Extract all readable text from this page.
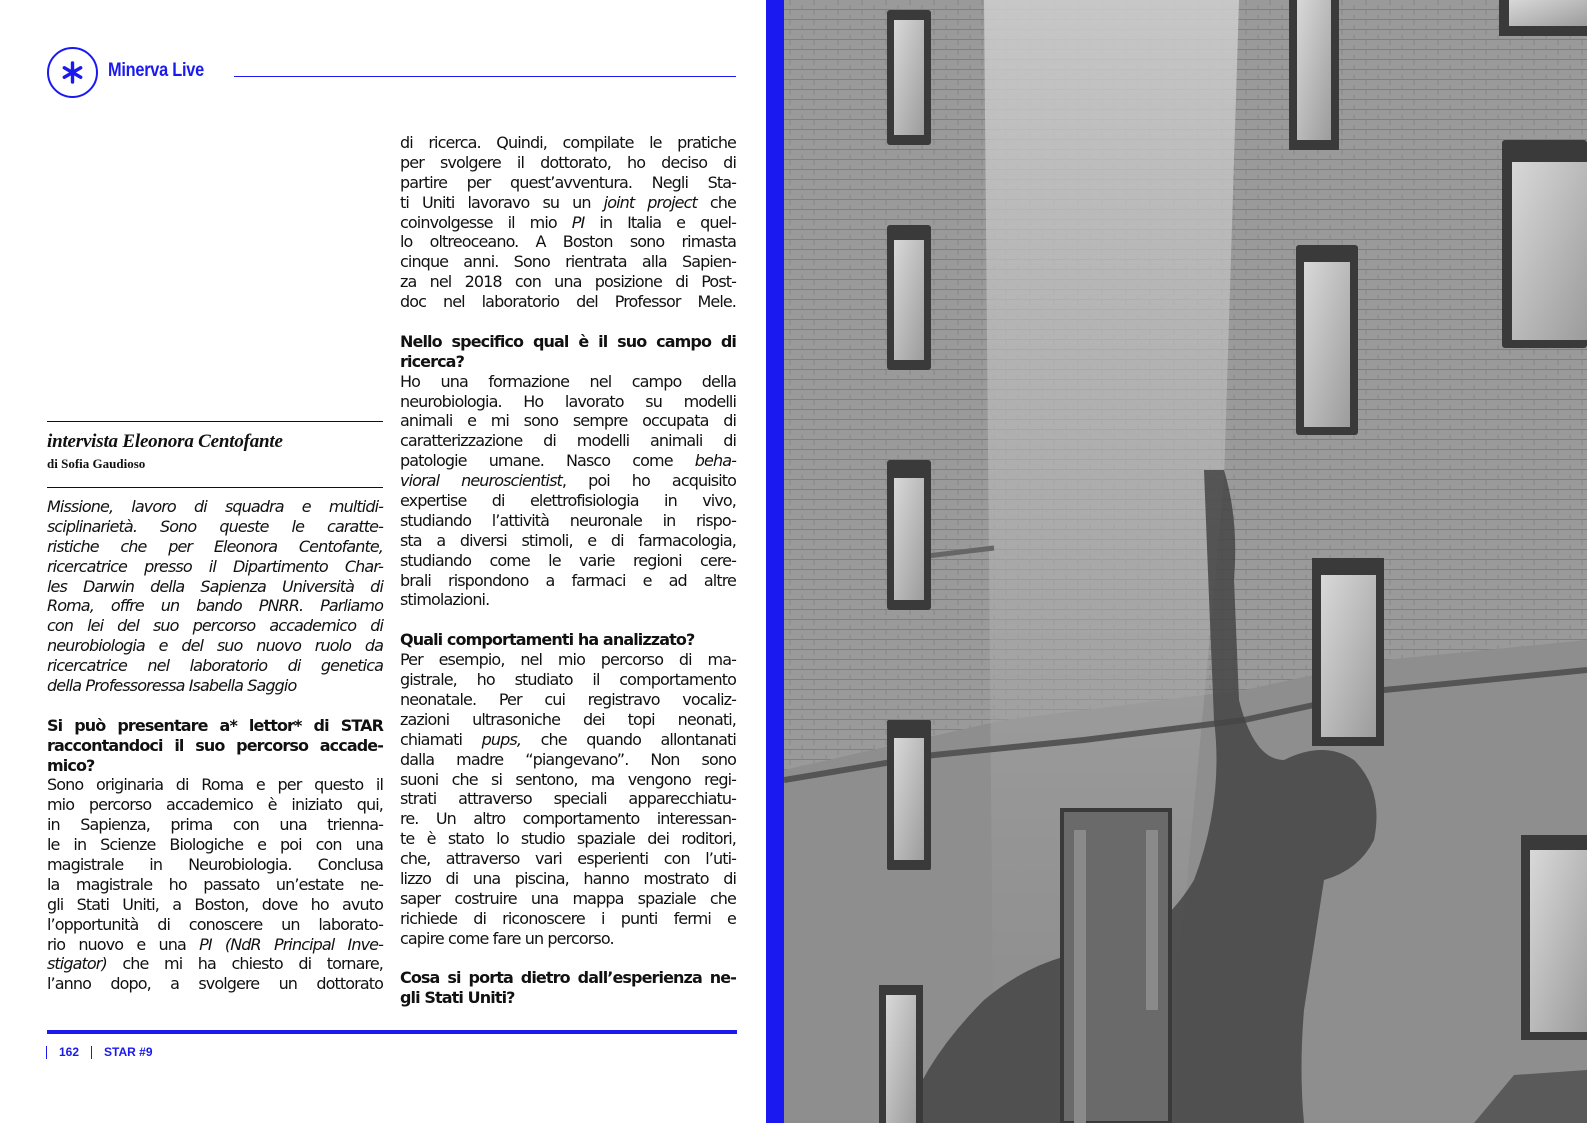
Minerva Live
intervista Eleonora Centofante
di Sofia Gaudioso
Missione, lavoro di squadra e multidi-
sciplinarietà. Sono queste le caratte-
ristiche che per Eleonora Centofante,
ricercatrice presso il Dipartimento Char-
les Darwin della Sapienza Università di
Roma, offre un bando PNRR. Parliamo
con lei del suo percorso accademico di
neurobiologia e del suo nuovo ruolo da
ricercatrice nel laboratorio di genetica
della Professoressa Isabella Saggio
Si può presentare a* lettor* di STAR
raccontandoci il suo percorso accade-
mico?
Sono originaria di Roma e per questo il
mio percorso accademico è iniziato qui,
in Sapienza, prima con una trienna-
le in Scienze Biologiche e poi con una
magistrale in Neurobiologia. Conclusa
la magistrale ho passato un’estate ne-
gli Stati Uniti, a Boston, dove ho avuto
l’opportunità di conoscere un laborato-
rio nuovo e una PI (NdR Principal Inve-
stigator) che mi ha chiesto di tornare,
l’anno dopo, a svolgere un dottorato
di ricerca. Quindi, compilate le pratiche
per svolgere il dottorato, ho deciso di
partire per quest’avventura. Negli Sta-
ti Uniti lavoravo su un joint project che
coinvolgesse il mio PI in Italia e quel-
lo oltreoceano. A Boston sono rimasta
cinque anni. Sono rientrata alla Sapien-
za nel 2018 con una posizione di Post-
doc nel laboratorio del Professor Mele.
Nello specifico qual è il suo campo di
ricerca?
Ho una formazione nel campo della
neurobiologia. Ho lavorato su modelli
animali e mi sono sempre occupata di
caratterizzazione di modelli animali di
patologie umane. Nasco come beha-
vioral neuroscientist, poi ho acquisito
expertise di elettrofisiologia in vivo,
studiando l’attività neuronale in rispo-
sta a diversi stimoli, e di farmacologia,
studiando come le varie regioni cere-
brali rispondono a farmaci e ad altre
stimolazioni.
Quali comportamenti ha analizzato?
Per esempio, nel mio percorso di ma-
gistrale, ho studiato il comportamento
neonatale. Per cui registravo vocaliz-
zazioni ultrasoniche dei topi neonati,
chiamati pups, che quando allontanati
dalla madre “piangevano”. Non sono
suoni che si sentono, ma vengono regi-
strati attraverso speciali apparecchiatu-
re. Un altro comportamento interessan-
te è stato lo studio spaziale dei roditori,
che, attraverso vari esperienti con l’uti-
lizzo di una piscina, hanno mostrato di
saper costruire una mappa spaziale che
richiede di riconoscere i punti fermi e
capire come fare un percorso.
Cosa si porta dietro dall’esperienza ne-
gli Stati Uniti?
162 STAR #9
